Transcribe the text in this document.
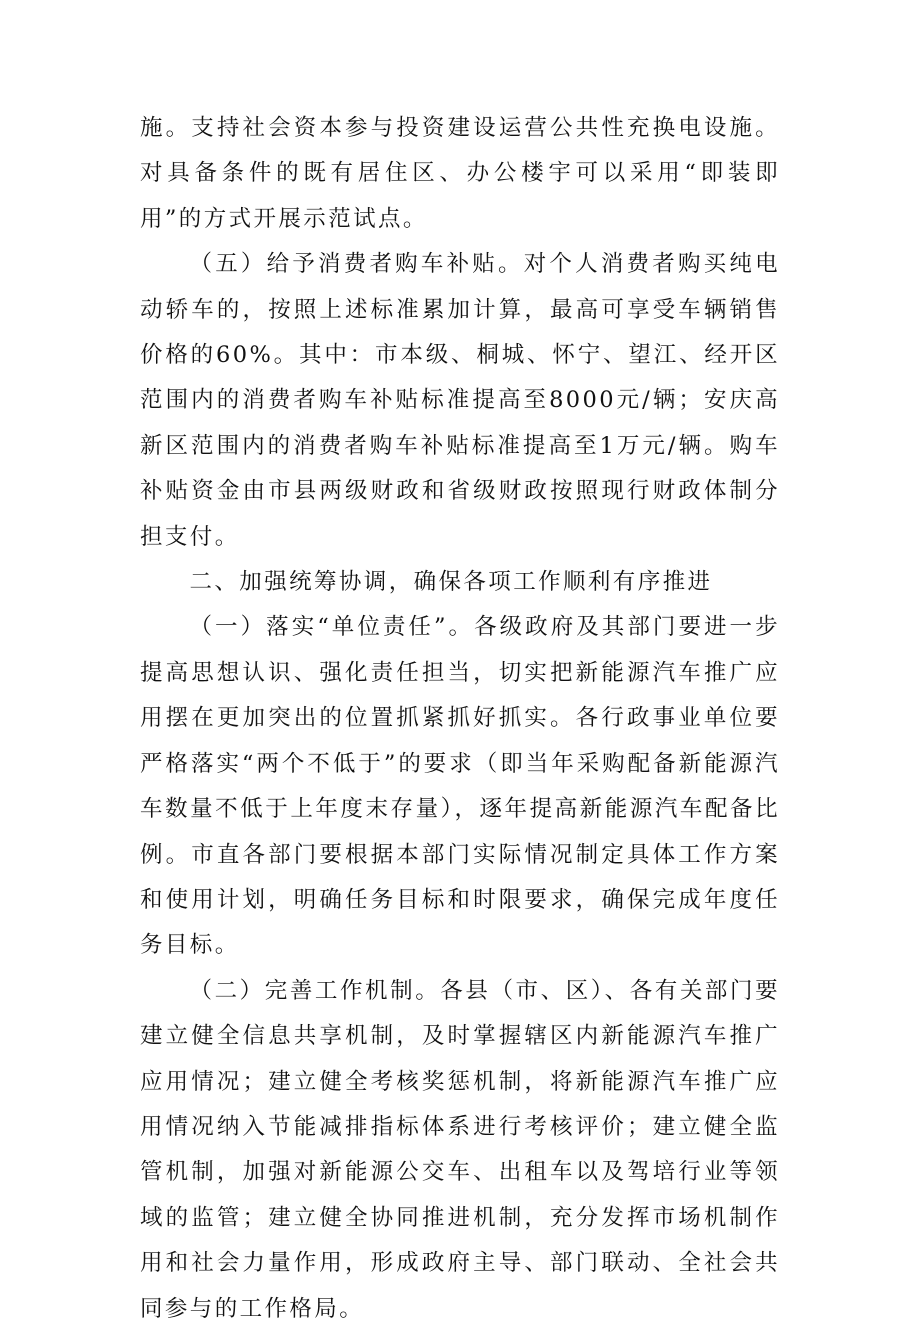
施。支持社会资本参与投资建设运营公共性充换电设施。对具备条件的既有居住区、办公楼宇可以采用“即装即用”的方式开展示范试点。

（五）给予消费者购车补贴。对个人消费者购买纯电动轿车的，按照上述标准累加计算，最高可享受车辆销售价格的60%。其中：市本级、桐城、怀宁、望江、经开区范围内的消费者购车补贴标准提高至8000元/辆；安庆高新区范围内的消费者购车补贴标准提高至1万元/辆。购车补贴资金由市县两级财政和省级财政按照现行财政体制分担支付。

二、加强统筹协调，确保各项工作顺利有序推进

（一）落实“单位责任”。各级政府及其部门要进一步提高思想认识、强化责任担当，切实把新能源汽车推广应用摆在更加突出的位置抓紧抓好抓实。各行政事业单位要严格落实“两个不低于”的要求（即当年采购配备新能源汽车数量不低于上年度末存量），逐年提高新能源汽车配备比例。市直各部门要根据本部门实际情况制定具体工作方案和使用计划，明确任务目标和时限要求，确保完成年度任务目标。

（二）完善工作机制。各县（市、区）、各有关部门要建立健全信息共享机制，及时掌握辖区内新能源汽车推广应用情况；建立健全考核奖惩机制，将新能源汽车推广应用情况纳入节能减排指标体系进行考核评价；建立健全监管机制，加强对新能源公交车、出租车以及驾培行业等领域的监管；建立健全协同推进机制，充分发挥市场机制作用和社会力量作用，形成政府主导、部门联动、全社会共同参与的工作格局。
